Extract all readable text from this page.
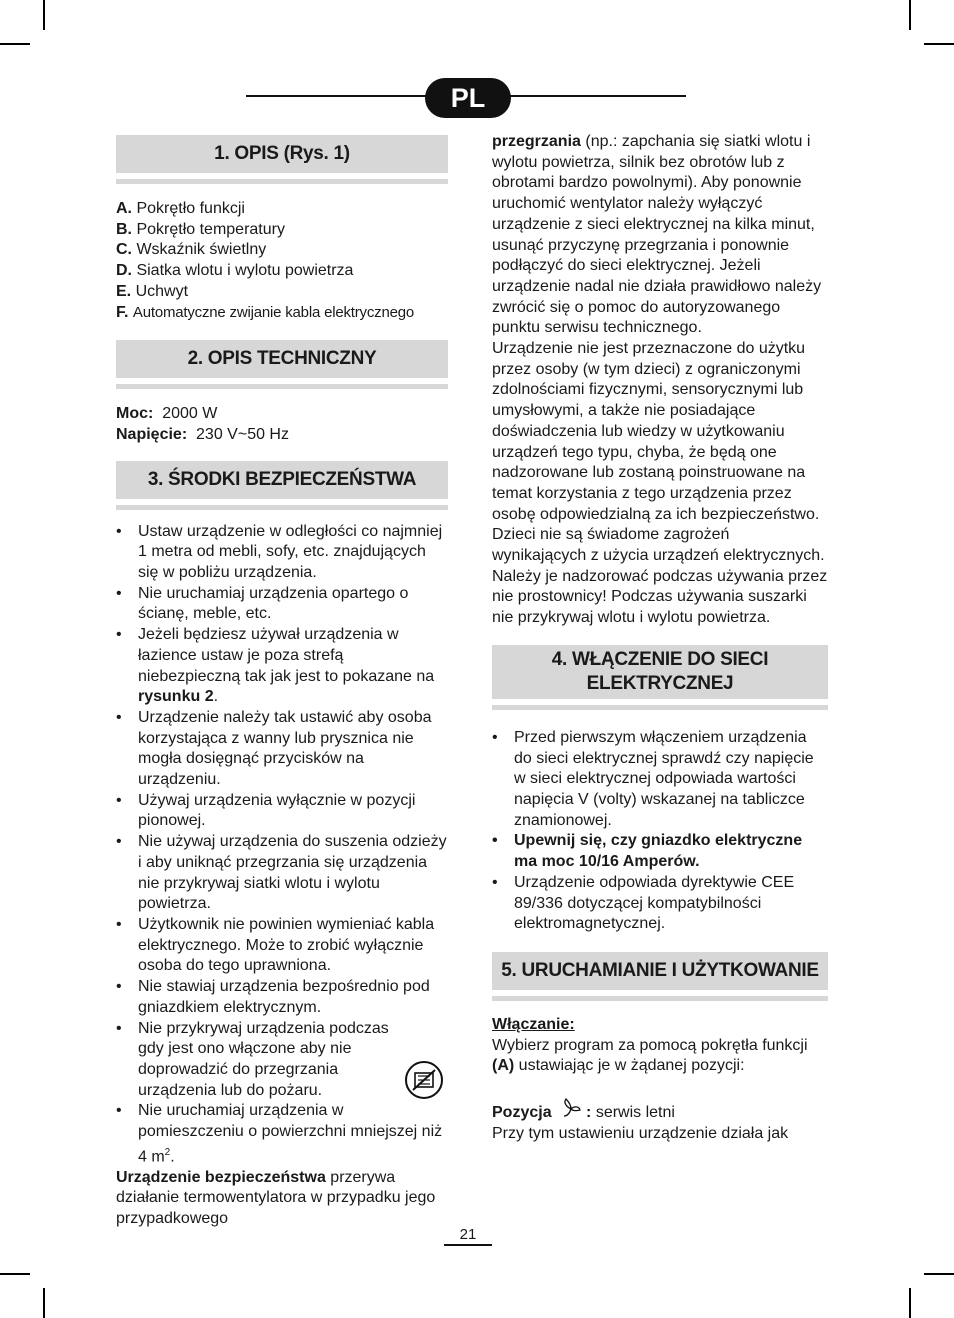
PL
1. OPIS (Rys. 1)

A. Pokrętło funkcji

B. Pokrętło temperatury

C. Wskaźnik świetlny

D. Siatka wlotu i wylotu powietrza

E. Uchwyt

F. Automatyczne zwijanie kabla elektrycznego

2. OPIS TECHNICZNY

Moc: 2000 W

Napięcie: 230 V~50 Hz

3. ŚRODKI BEZPIECZEŃSTWA
• Ustaw urządzenie w odległości co najmniej 1 metra od mebli, sofy, etc. znajdujących się w pobliżu urządzenia.
• Nie uruchamiaj urządzenia opartego o ścianę, meble, etc.
• Jeżeli będziesz używał urządzenia w łazience ustaw je poza strefą niebezpieczną tak jak jest to pokazane na rysunku 2.
• Urządzenie należy tak ustawić aby osoba korzystająca z wanny lub prysznica nie mogła dosięgnąć przycisków na urządzeniu.
• Używaj urządzenia wyłącznie w pozycji pionowej.
• Nie używaj urządzenia do suszenia odzieży i aby uniknąć przegrzania się urządzenia nie przykrywaj siatki wlotu i wylotu powietrza.
• Użytkownik nie powinien wymieniać kabla elektrycznego. Może to zrobić wyłącznie osoba do tego uprawniona.
• Nie stawiaj urządzenia bezpośrednio pod gniazdkiem elektrycznym.
• Nie przykrywaj urządzenia podczas gdy jest ono włączone aby nie doprowadzić do przegrzania urządzenia lub do pożaru.
• Nie uruchamiaj urządzenia w pomieszczeniu o powierzchni mniejszej niż 4 $m^2$.

Urządzenie bezpieczeństwa przerywa działanie termowentylatora w przypadku jego przypadkowego

przegrzania (np.: zapchania się siatki wlotu i wylotu powietrza, silnik bez obrotów lub z obrotami bardzo powolnymi). Aby ponownie uruchomić wentylator należy wyłączyć urządzenie z sieci elektrycznej na kilka minut, usunąć przyczynę przegrzania i ponownie podłączyć do sieci elektrycznej. Jeżeli urządzenie nadal nie działa prawidłowo należy zwrócić się o pomoc do autoryzowanego punktu serwisu technicznego.

Urządzenie nie jest przeznaczone do użytku przez osoby (w tym dzieci) z ograniczonymi zdolnościami fizycznymi, sensorycznymi lub umysłowymi, a także nie posiadające doświadczenia lub wiedzy w użytkowaniu urządzeń tego typu, chyba, że będą one nadzorowane lub zostaną poinstruowane na temat korzystania z tego urządzenia przez osobę odpowiedzialną za ich bezpieczeństwo.

Dzieci nie są świadome zagrożeń wynikających z użycia urządzeń elektrycznych. Należy je nadzorować podczas używania przez nie prostownicy! Podczas używania suszarki nie przykrywaj wlotu i wylotu powietrza.

4. WŁĄCZENIE DO SIECI ELEKTRYCZNEJ
• Przed pierwszym włączeniem urządzenia do sieci elektrycznej sprawdź czy napięcie w sieci elektrycznej odpowiada wartości napięcia V (volty) wskazanej na tabliczce znamionowej.
• Upewnij się, czy gniazdko elektryczne ma moc 10/16 Amperów.
• Urządzenie odpowiada dyrektywie CEE 89/336 dotyczącej kompatybilności elektromagnetycznej.
5. URUCHAMIANIE I UŻYTKOWANIE

Włączanie:

Wybierz program za pomocą pokrętła funkcji (A) ustawiając je w żądanej pozycji:

Pozycja : serwis letni

Przy tym ustawieniu urządzenie działa jak

21
